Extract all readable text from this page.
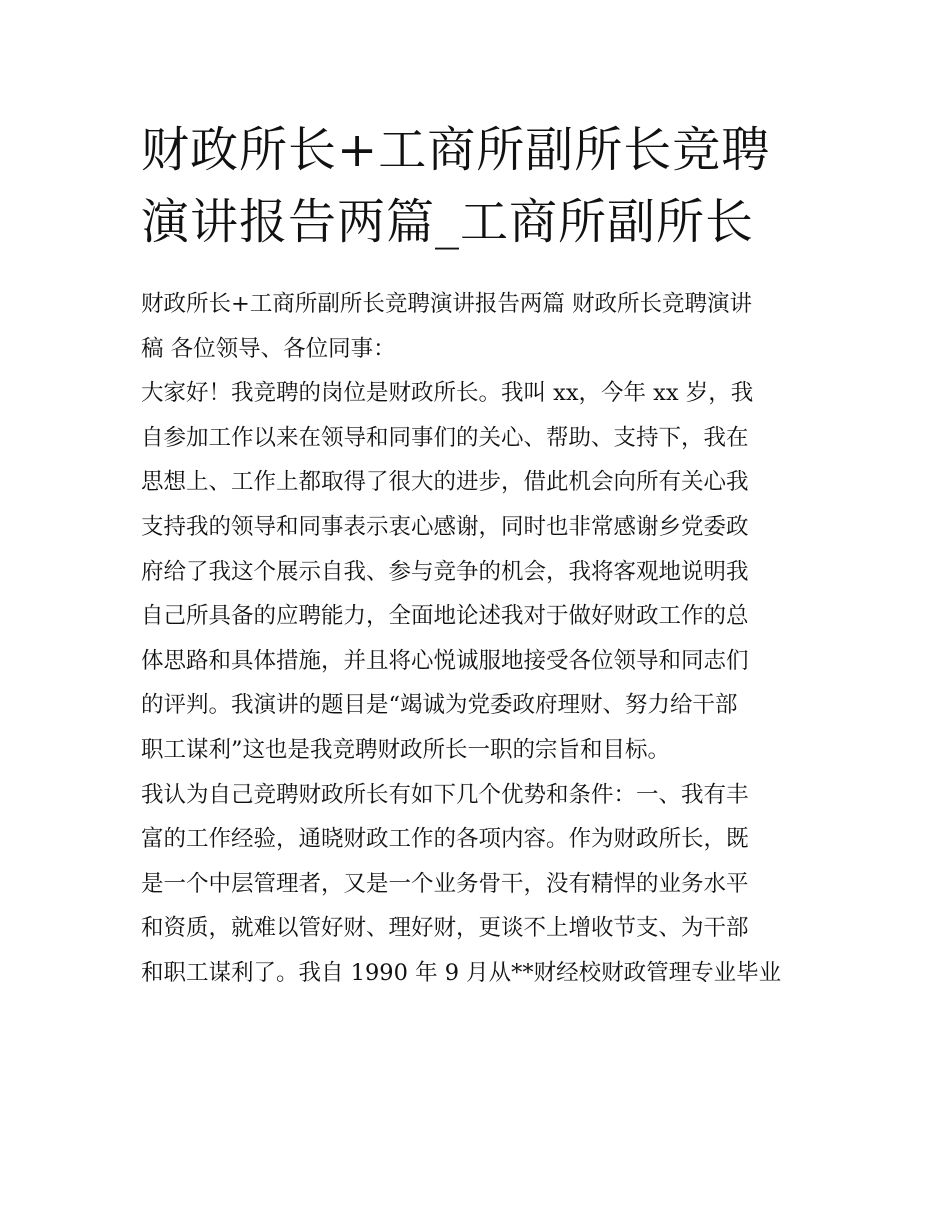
财政所长+工商所副所长竞聘
演讲报告两篇_工商所副所长
财政所长+工商所副所长竞聘演讲报告两篇 财政所长竞聘演讲
稿 各位领导、各位同事：
大家好！我竞聘的岗位是财政所长。我叫 xx，今年 xx 岁，我
自参加工作以来在领导和同事们的关心、帮助、支持下，我在
思想上、工作上都取得了很大的进步，借此机会向所有关心我
支持我的领导和同事表示衷心感谢，同时也非常感谢乡党委政
府给了我这个展示自我、参与竞争的机会，我将客观地说明我
自己所具备的应聘能力，全面地论述我对于做好财政工作的总
体思路和具体措施，并且将心悦诚服地接受各位领导和同志们
的评判。我演讲的题目是“竭诚为党委政府理财、努力给干部
职工谋利”这也是我竞聘财政所长一职的宗旨和目标。
我认为自己竞聘财政所长有如下几个优势和条件：一、我有丰
富的工作经验，通晓财政工作的各项内容。作为财政所长，既
是一个中层管理者，又是一个业务骨干，没有精悍的业务水平
和资质，就难以管好财、理好财，更谈不上增收节支、为干部
和职工谋利了。我自 1990 年 9 月从**财经校财政管理专业毕业
